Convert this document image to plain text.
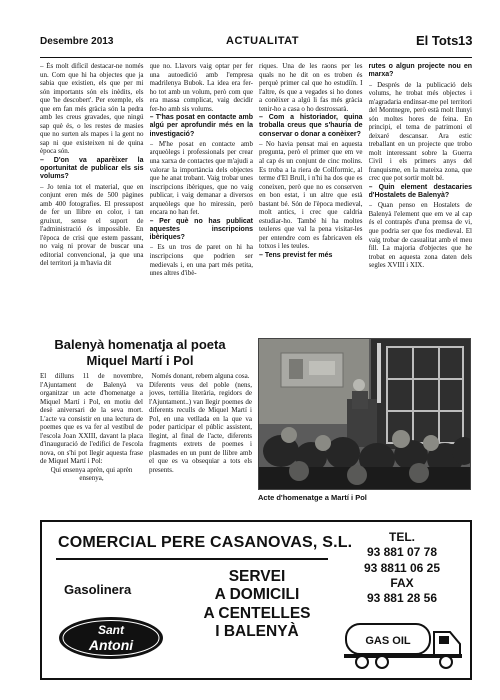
Desembre 2013	ACTUALITAT	El Tots 13

– És molt difícil destacar-ne només un. Com que hi ha objectes que ja sabia que existien, els que per mi són importants són els inèdits, els que 'he descobert'. Per exemple, els que em fan més gràcia són la pedra amb les creus gravades, que ningú sap què és, o les restes de masies que no surten als mapes i la gent no sap ni que existeixen ni de quina època són.

– D'on va aparèixer la oportunitat de publicar els sis volums?

– Jo tenia tot el material, que en conjunt eren més de 500 pàgines amb 400 fotografies. El pressupost de fer un llibre en color, i tan gruixut, sense el suport de l'administració és impossible. En l'època de crisi que estem passant, no vaig ni provar de buscar una editorial convencional, ja que una del territori ja m'havia dit

que no. Llavors vaig optar per fer una autoedició amb l'empresa madrilenya Bubok. La idea era fer-ho tot amb un volum, però com que era massa complicat, vaig decidir fer-ho amb sis volums.

– T'has posat en contacte amb algú per aprofundir més en la investigació?

– M'he posat en contacte amb arqueòlegs i professionals per crear una xarxa de contactes que m'ajudi a valorar la importància dels objectes que he anat trobant. Vaig trobar unes inscripcions ibèriques, que no vaig publicar, i vaig demanar a diversos arqueòlegs que ho miressin, però encara no han fet.

– Per què no has publicat aquestes inscripcions ibèriques?

– Es un tros de paret on hi ha inscripcions que podrien ser medievals i, en una part més petita, unes altres d'ibè-

riques. Una de les raons per les quals no he dit on es troben és perquè primer cal que ho estudiïn. I l'altre, és que a vegades si ho dones a conèixer a algú li fas més gràcia tenir-ho a casa o ho destrossarà.

– Com a historiador, quina troballa creus que s'hauria de conservar o donar a conèixer?

– No havia pensat mai en aquesta pregunta, però el primer que em ve al cap és un conjunt de cinc molins. Es troba a la riera de Collformic, al terme d'El Brull, i n'hi ha dos que es coneixen, però que no es conserven en bon estat, i un altre que està bastant bé. Són de l'època medieval, molt antics, i crec que caldria estudiar-ho. També hi ha moltes teuleres que val la pena visitar-les per entendre com es fabricaven els totxos i les teules.

– Tens previst fer més

rutes o algun projecte nou en marxa?

– Després de la publicació dels volums, he trobat més objectes i m'agradaria endinsar-me pel territori del Montnegre, però està molt llunyi són moltes hores de feina. En principi, el tema de patrimoni el deixaré descansar. Ara estic treballant en un projecte que trobo molt interessant sobre la Guerra Civil i els primers anys del franquisme, en la mateixa zona, que crec que pot sortir molt bé.

– Quin element destacaries d'Hostalets de Balenyà?

– Quan penso en Hostalets de Balenyà l'element que em ve al cap és el contrapès d'una premsa de vi, que podria ser que fos medieval. El vaig trobar de casualitat amb el meu fill. La majoria d'objectes que he trobat en aquesta zona daten dels segles XVIII i XIX.

Balenyà homenatja al poeta Miquel Martí i Pol
El dilluns 11 de novembre, l'Ajuntament de Balenyà va organitzar un acte d'homenatge a Miquel Martí i Pol, en motiu del desè aniversari de la seva mort. L'acte va consistir en una lectura de poemes que es va fer al vestíbul de l'escola Joan XXIII, davant la placa d'inauguració de l'edifici de l'escola nova, on s'hi pot llegir aquesta frase de Miquel Martí i Pol:
Qui ensenya aprèn, qui aprèn ensenya,
Només donant, rebem alguna cosa.
Diferents veus del poble (nens, joves, tertúlia literària, regidors de l'Ajuntament..) van llegir poemes de diferents reculls de Miquel Martí i Pol, en una vetllada en la que va poder participar el públic assistent, llegint, al final de l'acte, diferents fragments extrets de poemes i plasmades en un punt de llibre amb el que es va obsequiar a tots els presents.
Acte d'homenatge a Martí i Pol
COMERCIAL PERE CASANOVAS, S.L.
Gasolinera
Sant
Antoni
SERVEI
A DOMICILI
A CENTELLES
I BALENYÀ
TEL.
93 881 07 78
93 8811 06 25
FAX
93 881 28 56
GAS OIL
